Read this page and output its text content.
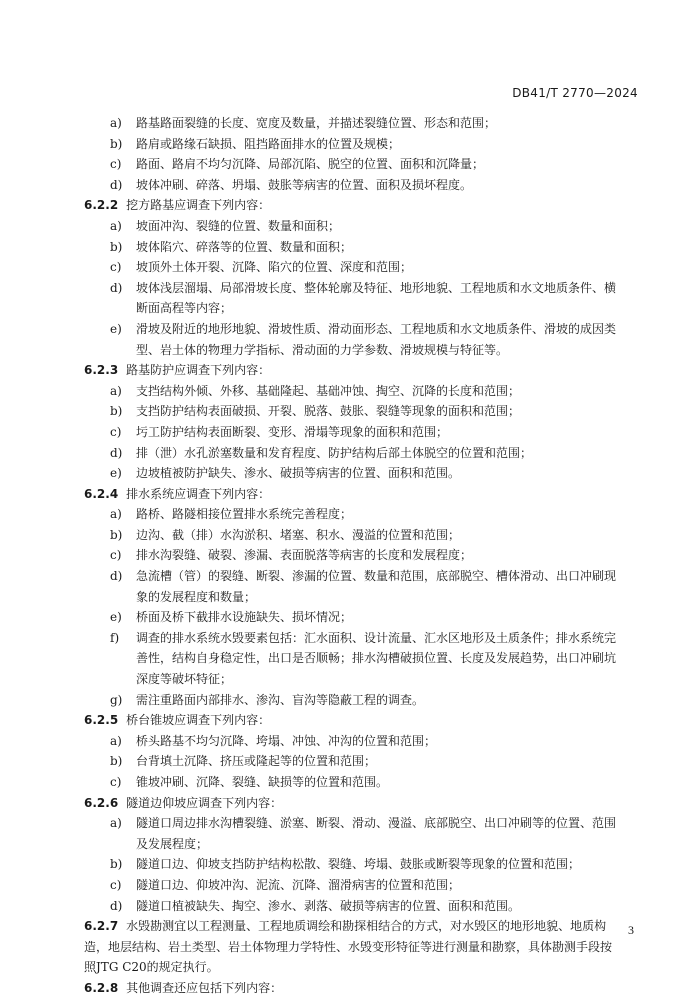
DB41/T 2770—2024
a) 路基路面裂缝的长度、宽度及数量，并描述裂缝位置、形态和范围；
b) 路肩或路缘石缺损、阻挡路面排水的位置及规模；
c) 路面、路肩不均匀沉降、局部沉陷、脱空的位置、面积和沉降量；
d) 坡体冲刷、碎落、坍塌、鼓胀等病害的位置、面积及损坏程度。
6.2.2 挖方路基应调查下列内容：
a) 坡面冲沟、裂缝的位置、数量和面积；
b) 坡体陷穴、碎落等的位置、数量和面积；
c) 坡顶外土体开裂、沉降、陷穴的位置、深度和范围；
d) 坡体浅层溜塌、局部滑坡长度、整体轮廓及特征、地形地貌、工程地质和水文地质条件、横断面高程等内容；
e) 滑坡及附近的地形地貌、滑坡性质、滑动面形态、工程地质和水文地质条件、滑坡的成因类型、岩土体的物理力学指标、滑动面的力学参数、滑坡规模与特征等。
6.2.3 路基防护应调查下列内容：
a) 支挡结构外倾、外移、基础隆起、基础冲蚀、掏空、沉降的长度和范围；
b) 支挡防护结构表面破损、开裂、脱落、鼓胀、裂缝等现象的面积和范围；
c) 圬工防护结构表面断裂、变形、滑塌等现象的面积和范围；
d) 排（泄）水孔淤塞数量和发育程度、防护结构后部土体脱空的位置和范围；
e) 边坡植被防护缺失、渗水、破损等病害的位置、面积和范围。
6.2.4 排水系统应调查下列内容：
a) 路桥、路隧相接位置排水系统完善程度；
b) 边沟、截（排）水沟淤积、堵塞、积水、漫溢的位置和范围；
c) 排水沟裂缝、破裂、渗漏、表面脱落等病害的长度和发展程度；
d) 急流槽（管）的裂缝、断裂、渗漏的位置、数量和范围，底部脱空、槽体滑动、出口冲刷现象的发展程度和数量；
e) 桥面及桥下截排水设施缺失、损坏情况；
f) 调查的排水系统水毁要素包括：汇水面积、设计流量、汇水区地形及土质条件；排水系统完善性，结构自身稳定性，出口是否顺畅；排水沟槽破损位置、长度及发展趋势，出口冲刷坑深度等破坏特征；
g) 需注重路面内部排水、渗沟、盲沟等隐蔽工程的调查。
6.2.5 桥台锥坡应调查下列内容：
a) 桥头路基不均匀沉降、垮塌、冲蚀、冲沟的位置和范围；
b) 台背填土沉降、挤压或隆起等的位置和范围；
c) 锥坡冲刷、沉降、裂缝、缺损等的位置和范围。
6.2.6 隧道边仰坡应调查下列内容：
a) 隧道口周边排水沟槽裂缝、淤塞、断裂、滑动、漫溢、底部脱空、出口冲刷等的位置、范围及发展程度；
b) 隧道口边、仰坡支挡防护结构松散、裂缝、垮塌、鼓胀或断裂等现象的位置和范围；
c) 隧道口边、仰坡冲沟、泥流、沉降、溜滑病害的位置和范围；
d) 隧道口植被缺失、掏空、渗水、剥落、破损等病害的位置、面积和范围。
6.2.7 水毁勘测宜以工程测量、工程地质调绘和勘探相结合的方式，对水毁区的地形地貌、地质构造，地层结构、岩土类型、岩土体物理力学特性、水毁变形特征等进行测量和勘察，具体勘测手段按照JTG C20的规定执行。
6.2.8 其他调查还应包括下列内容：
3
